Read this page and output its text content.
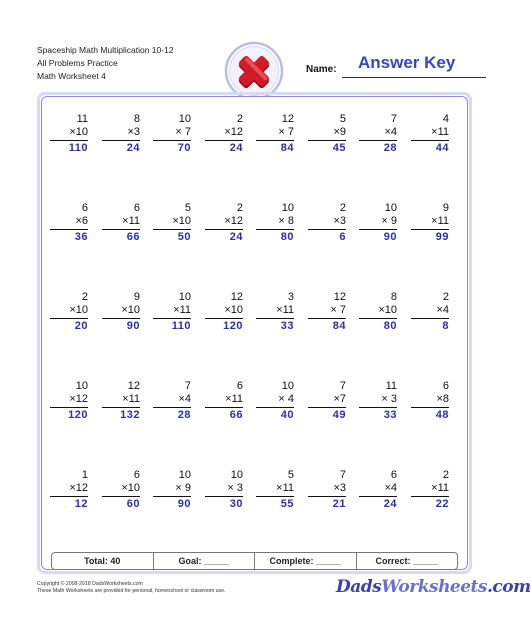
Spaceship Math Multiplication 10-12
All Problems Practice
Math Worksheet 4
Name: Answer Key
11
×10
110
8
×3
24
10
× 7
70
2
×12
24
12
× 7
84
5
×9
45
7
×4
28
4
×11
44
6
×6
36
6
×11
66
5
×10
50
2
×12
24
10
× 8
80
2
×3
6
10
× 9
90
9
×11
99
2
×10
20
9
×10
90
10
×11
110
12
×10
120
3
×11
33
12
× 7
84
8
×10
80
2
×4
8
10
×12
120
12
×11
132
7
×4
28
6
×11
66
10
× 4
40
7
×7
49
11
× 3
33
6
×8
48
1
×12
12
6
×10
60
10
× 9
90
10
× 3
30
5
×11
55
7
×3
21
6
×4
24
2
×11
22
Total: 40	Goal: _____	Complete: _____	Correct: _____
Copyright © 2008-2018 DadsWorksheets.com
These Math Worksheets are provided for personal, homeschool or classroom use.	DadsWorksheets.com
